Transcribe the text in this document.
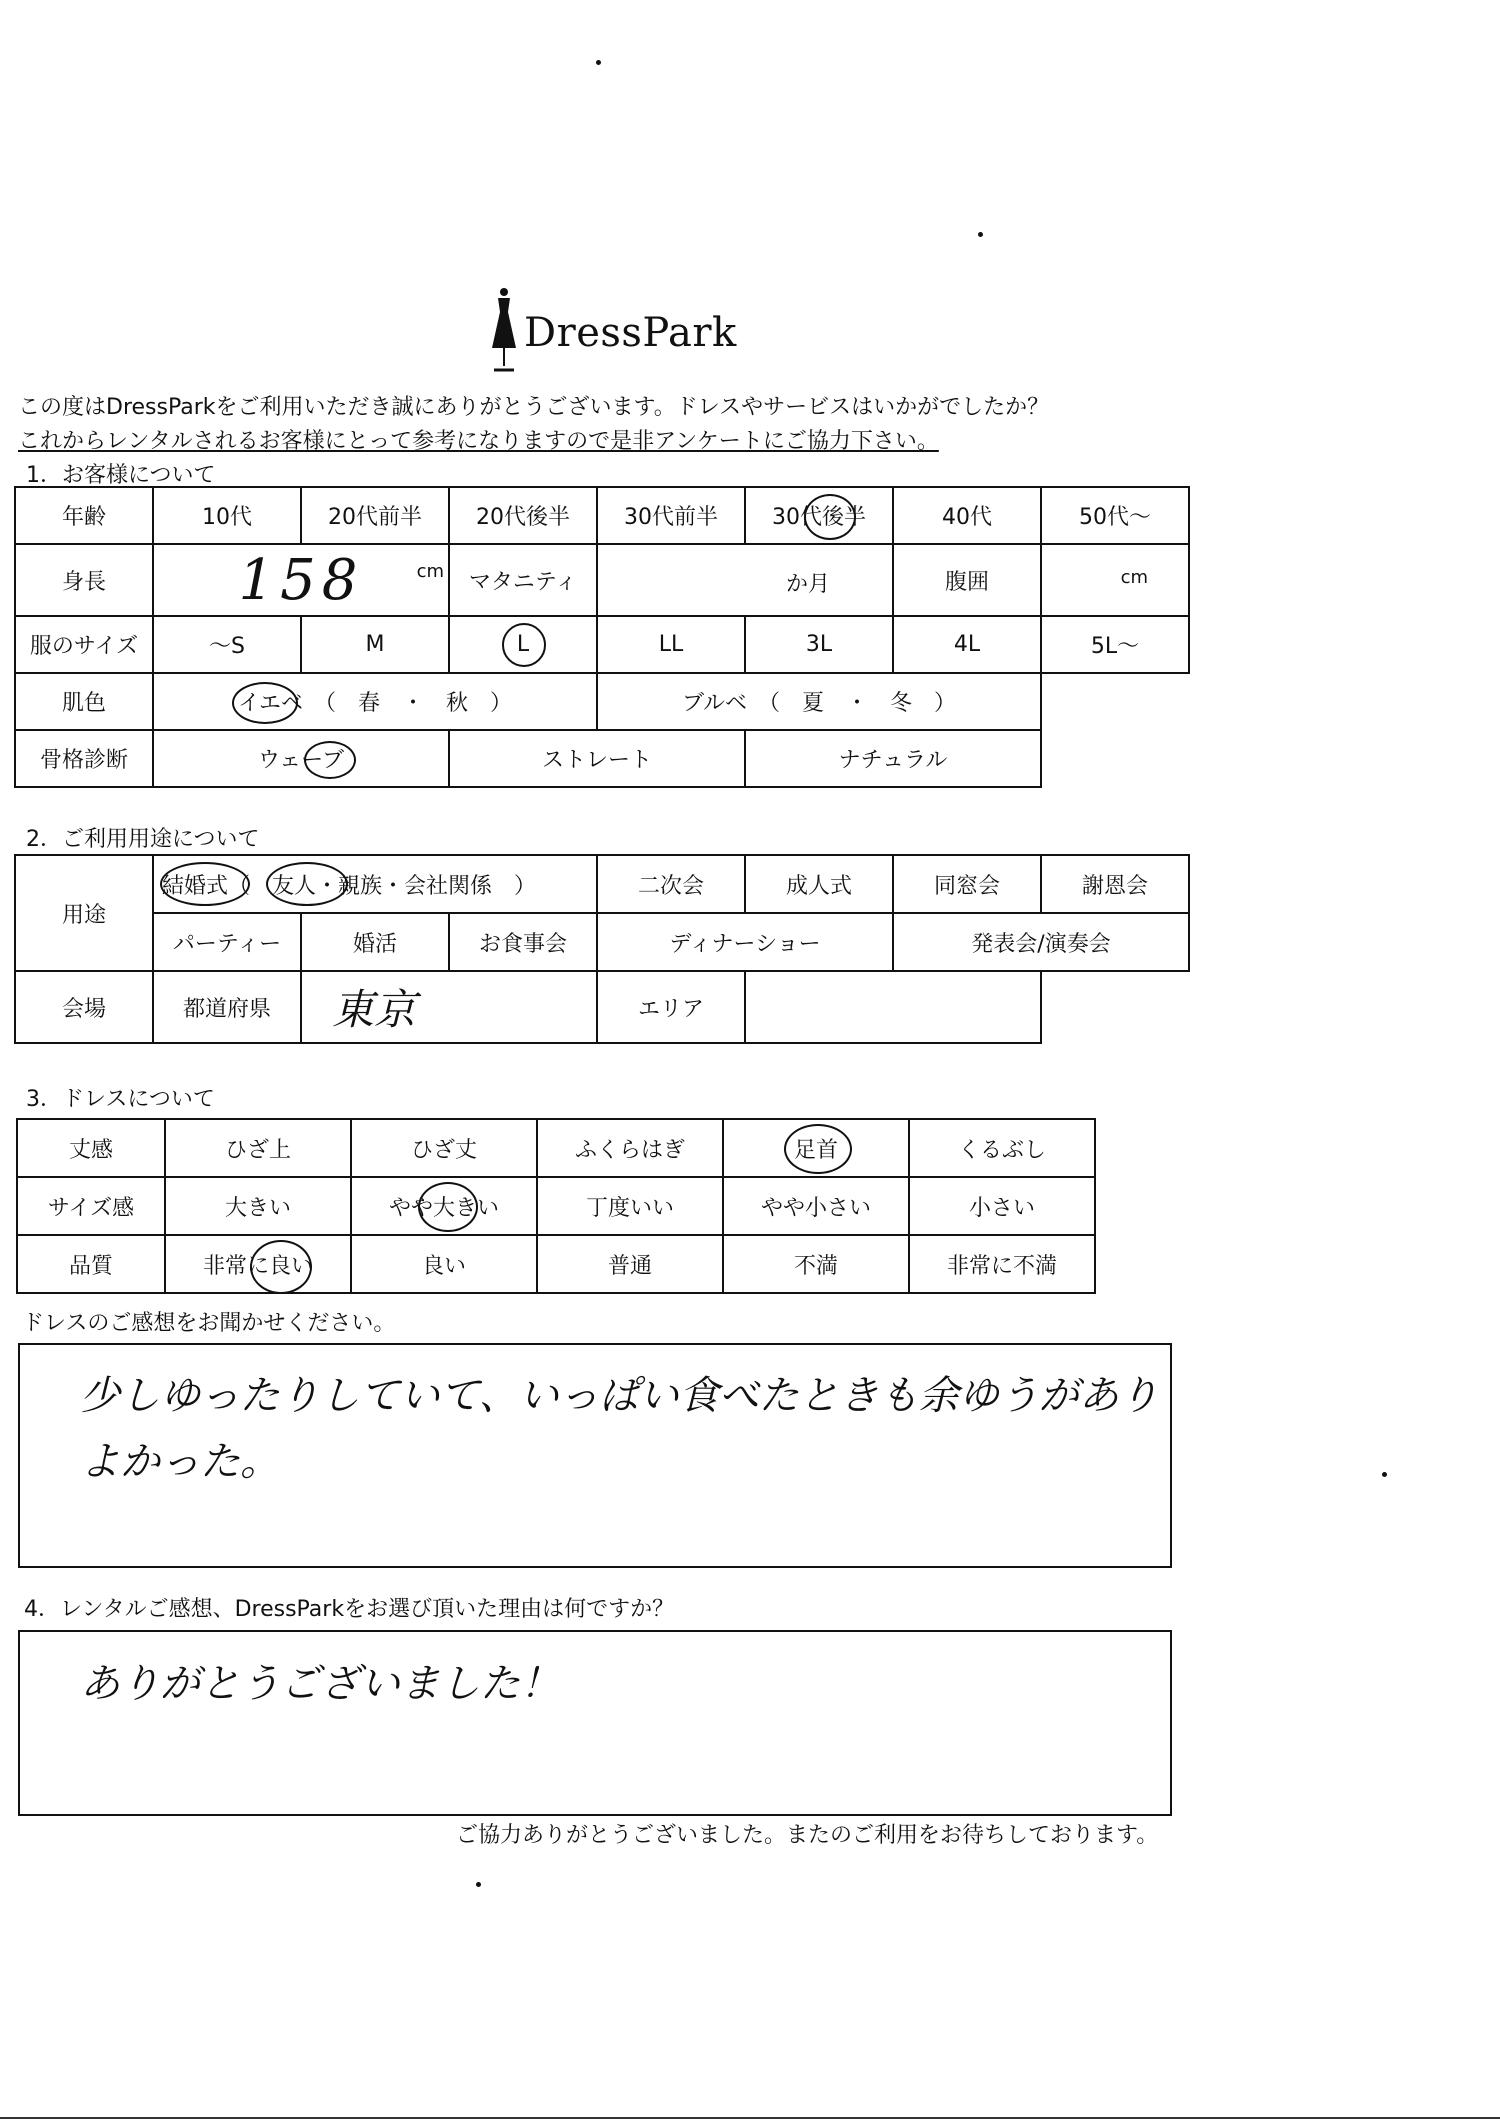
DressPark
この度はDressParkをご利用いただき誠にありがとうございます。ドレスやサービスはいかがでしたか？
これからレンタルされるお客様にとって参考になりますので是非アンケートにご協力下さい。
1．お客様について
年齢	10代	20代前半	20代後半	30代前半	30代後半	40代	50代～
身長	158 cm		マタニティ	か月		腹囲	cm

服のサイズ	～S	M	L	LL	3L	4L	5L～
肌色	イエベ　（　春　・　秋　）			ブルベ　（　夏　・　冬　）			
骨格診断	ウェーブ		ストレート		ナチュラル		
2．ご利用用途について
用途	結婚式（　友人・親族・会社関係　）			二次会	成人式	同窓会	謝恩会
	パーティー	婚活	お食事会	ディナーショー		発表会/演奏会	
会場	都道府県	東京		エリア			
3．ドレスについて
丈感	ひざ上	ひざ丈	ふくらはぎ	足首	くるぶし
サイズ感	大きい	やや大きい	丁度いい	やや小さい	小さい
品質	非常に良い	良い	普通	不満	非常に不満
ドレスのご感想をお聞かせください。
少しゆったりしていて、いっぱい食べたときも余ゆうがあり
よかった。
4．レンタルご感想、DressParkをお選び頂いた理由は何ですか？
ありがとうございました！
ご協力ありがとうございました。またのご利用をお待ちしております。
